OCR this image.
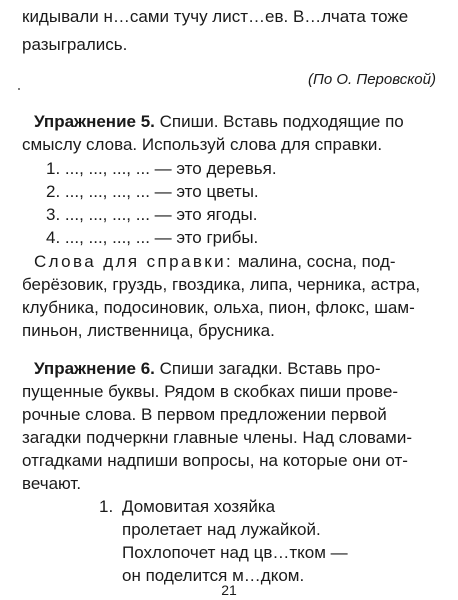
кидывали н…сами тучу лист…ев. В…лчата тоже
разыгрались.
(По О. Перовской)
Упражнение 5. Спиши. Вставь подходящие по
смыслу слова. Используй слова для справки.
1. ..., ..., ..., ... — это деревья.
2. ..., ..., ..., ... — это цветы.
3. ..., ..., ..., ... — это ягоды.
4. ..., ..., ..., ... — это грибы.
Слова для справки: малина, сосна, под-
берёзовик, груздь, гвоздика, липа, черника, астра,
клубника, подосиновик, ольха, пион, флокс, шам-
пиньон, лиственница, брусника.
Упражнение 6. Спиши загадки. Вставь про-
пущенные буквы. Рядом в скобках пиши прове-
рочные слова. В первом предложении первой
загадки подчеркни главные члены. Над словами-
отгадками надпиши вопросы, на которые они от-
вечают.
1. Домовитая хозяйка
пролетает над лужайкой.
Похлопочет над цв…тком —
он поделится м…дком.
21
